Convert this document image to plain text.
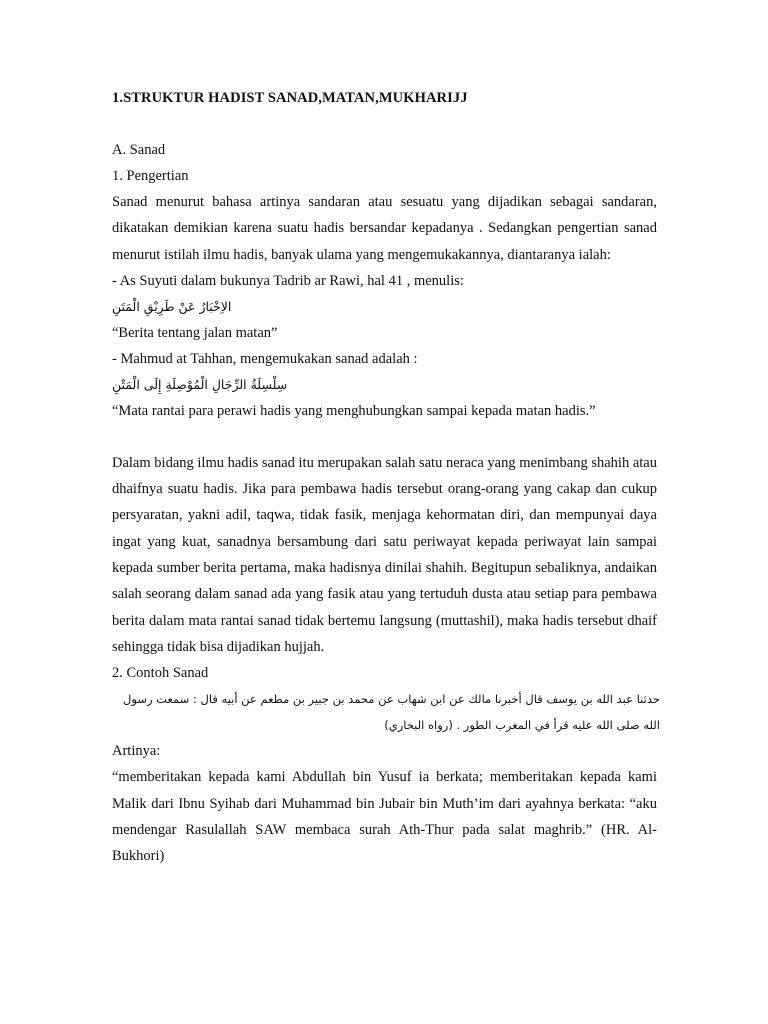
1.STRUKTUR HADIST SANAD,MATAN,MUKHARIJJ

A. Sanad

1. Pengertian

Sanad menurut bahasa artinya sandaran atau sesuatu yang dijadikan sebagai sandaran, dikatakan demikian karena suatu hadis bersandar kepadanya . Sedangkan pengertian sanad menurut istilah ilmu hadis, banyak ulama yang mengemukakannya, diantaranya ialah:

- As Suyuti dalam bukunya Tadrib ar Rawi, hal 41 , menulis:

الاِخْبَارُ عَنْ طَرِيْقِ الْمَتَنِ

“Berita tentang jalan matan”

- Mahmud at Tahhan, mengemukakan sanad adalah :

سِلْسِلَةُ الرِّجَالِ الْمُوْصِلَةِ إِلَى الْمَتْنِ

“Mata rantai para perawi hadis yang menghubungkan sampai kepada matan hadis.”

Dalam bidang ilmu hadis sanad itu merupakan salah satu neraca yang menimbang shahih atau dhaifnya suatu hadis. Jika para pembawa hadis tersebut orang-orang yang cakap dan cukup persyaratan, yakni adil, taqwa, tidak fasik, menjaga kehormatan diri, dan mempunyai daya ingat yang kuat, sanadnya bersambung dari satu periwayat kepada periwayat lain sampai kepada sumber berita pertama, maka hadisnya dinilai shahih. Begitupun sebaliknya, andaikan salah seorang dalam sanad ada yang fasik atau yang tertuduh dusta atau setiap para pembawa berita dalam mata rantai sanad tidak bertemu langsung (muttashil), maka hadis tersebut dhaif sehingga tidak bisa dijadikan hujjah.

2. Contoh Sanad

حدثنا عبد الله بن يوسف قال أخبرنا مالك عن ابن شهاب عن محمد بن جبير بن مطعم عن أبيه قال : سمعت رسول
الله صلى الله عليه قرأ في المغرب الطور . (رواه البخاري)

Artinya:

“memberitakan kepada kami Abdullah bin Yusuf ia berkata; memberitakan kepada kami Malik dari Ibnu Syihab dari Muhammad bin Jubair bin Muth’im dari ayahnya berkata: “aku mendengar Rasulallah SAW membaca surah Ath-Thur pada salat maghrib.” (HR. Al-Bukhori)
